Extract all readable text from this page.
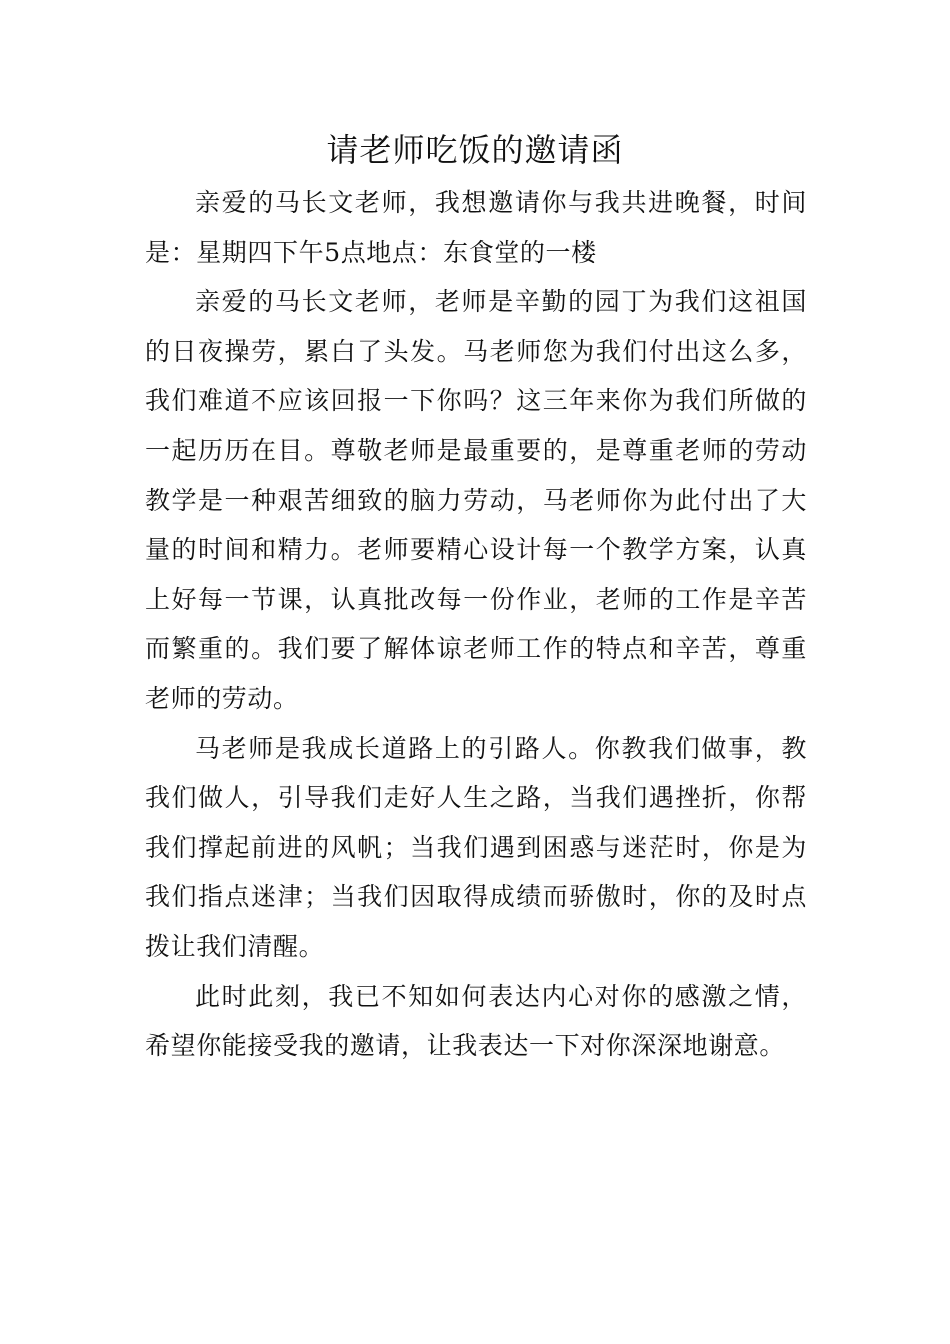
请老师吃饭的邀请函

亲爱的马长文老师，我想邀请你与我共进晚餐，时间是：星期四下午5点地点：东食堂的一楼

亲爱的马长文老师，老师是辛勤的园丁为我们这祖国的日夜操劳，累白了头发。马老师您为我们付出这么多，我们难道不应该回报一下你吗？这三年来你为我们所做的一起历历在目。尊敬老师是最重要的，是尊重老师的劳动教学是一种艰苦细致的脑力劳动，马老师你为此付出了大量的时间和精力。老师要精心设计每一个教学方案，认真上好每一节课，认真批改每一份作业，老师的工作是辛苦而繁重的。我们要了解体谅老师工作的特点和辛苦，尊重老师的劳动。

马老师是我成长道路上的引路人。你教我们做事，教我们做人，引导我们走好人生之路，当我们遇挫折，你帮我们撑起前进的风帆；当我们遇到困惑与迷茫时，你是为我们指点迷津；当我们因取得成绩而骄傲时，你的及时点拨让我们清醒。

此时此刻，我已不知如何表达内心对你的感激之情，希望你能接受我的邀请，让我表达一下对你深深地谢意。
